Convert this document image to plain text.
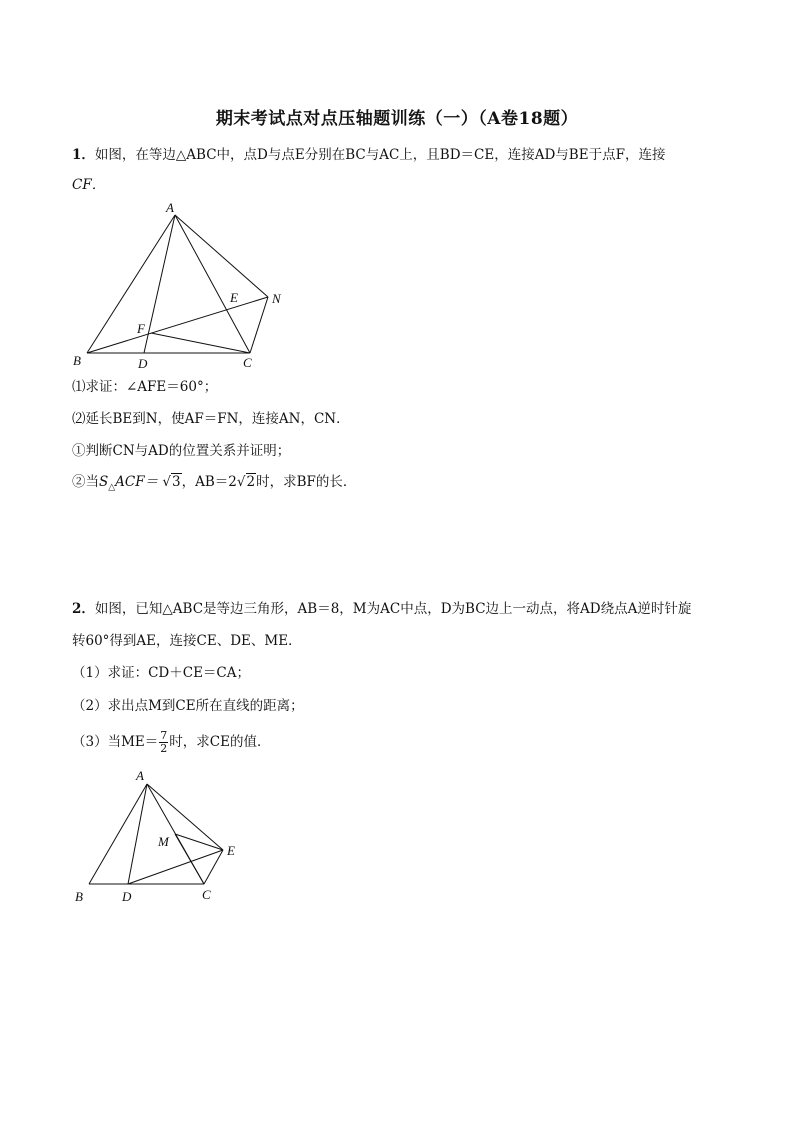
期末考试点对点压轴题训练（一）（A卷18题）
1．如图，在等边△ABC中，点D与点E分别在BC与AC上，且BD＝CE，连接AD与BE于点F，连接
CF．
A
B	C
D
E
F
N
A
B	C
D
E
M
⑴求证：∠AFE＝60°；
⑵延长BE到N，使AF＝FN，连接AN，CN．
①判断CN与AD的位置关系并证明；
②当$S_\triangle ACF= √3$，AB＝2√2时，求BF的长．
2．如图，已知△ABC是等边三角形，AB＝8，M为AC中点，D为BC边上一动点，将AD绕点A逆时针旋
转60°得到AE，连接CE、DE、ME．
（1）求证：CD＋CE＝CA；
（2）求出点M到CE所在直线的距离；
（3）当$ME= \frac{7}{2}$ 时，求CE的值．
